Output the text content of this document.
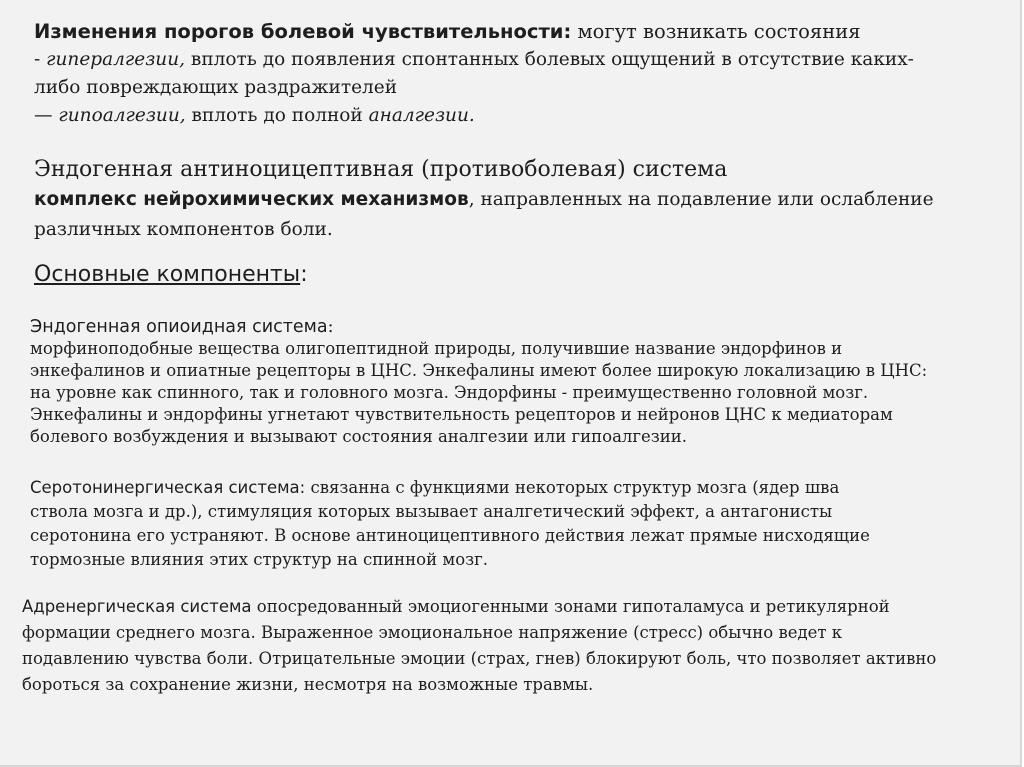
Изменения порогов болевой чувствительности: могут возникать состояния
- гипералгезии, вплоть до появления спонтанных болевых ощущений в отсутствие каких-
либо повреждающих раздражителей
— гипоалгезии, вплоть до полной аналгезии.
Эндогенная антиноцицептивная (противоболевая) система
комплекс нейрохимических механизмов, направленных на подавление или ослабление
различных компонентов боли.
Основные компоненты:
Эндогенная опиоидная система:
морфиноподобные вещества олигопептидной природы, получившие название эндорфинов и
энкефалинов и опиатные рецепторы в ЦНС. Энкефалины имеют более широкую локализацию в ЦНС:
на уровне как спинного, так и головного мозга. Эндорфины - преимущественно головной мозг.
Энкефалины и эндорфины угнетают чувствительность рецепторов и нейронов ЦНС к медиаторам
болевого возбуждения и вызывают состояния аналгезии или гипоалгезии.
Серотонинергическая система: связанна с функциями некоторых структур мозга (ядер шва
ствола мозга и др.), стимуляция которых вызывает аналгетический эффект, а антагонисты
серотонина его устраняют. В основе антиноцицептивного действия лежат прямые нисходящие
тормозные влияния этих структур на спинной мозг.
Адренергическая система опосредованный эмоциогенными зонами гипоталамуса и ретикулярной
формации среднего мозга. Выраженное эмоциональное напряжение (стресс) обычно ведет к
подавлению чувства боли. Отрицательные эмоции (страх, гнев) блокируют боль, что позволяет активно
бороться за сохранение жизни, несмотря на возможные травмы.
